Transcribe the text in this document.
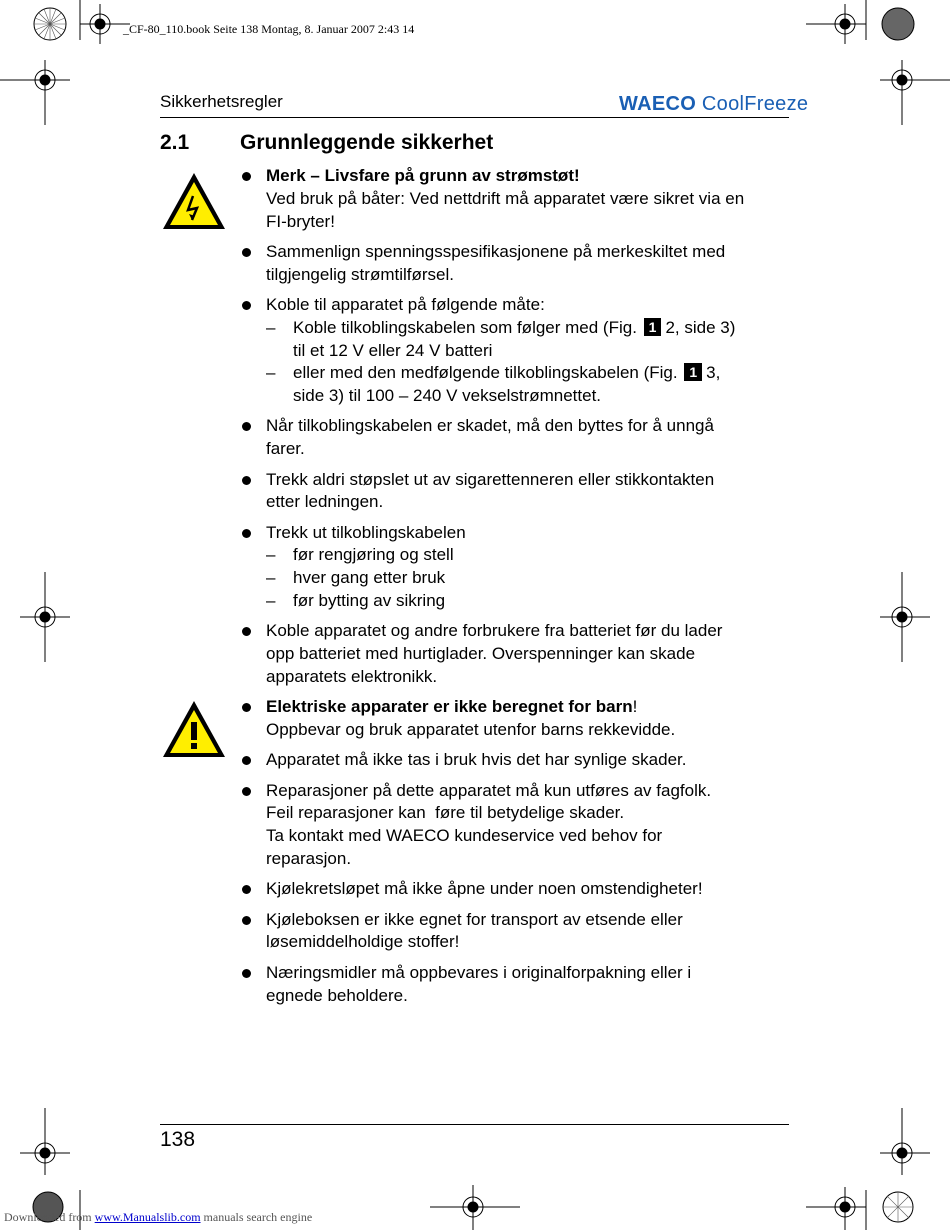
_CF-80_110.book Seite 138 Montag, 8. Januar 2007 2:43 14
Sikkerhetsregler	WAECO CoolFreeze
2.1 Grunnleggende sikkerhet
Merk – Livsfare på grunn av strømstøt!
Ved bruk på båter: Ved nettdrift må apparatet være sikret via en
FI-bryter!
Sammenlign spenningsspesifikasjonene på merkeskiltet med
tilgjengelig strømtilførsel.
Koble til apparatet på følgende måte:
–	Koble tilkoblingskabelen som følger med (Fig. 1 2, side 3)
til et 12 V eller 24 V batteri
–	eller med den medfølgende tilkoblingskabelen (Fig. 1 3,
side 3) til 100 – 240 V vekselstrømnettet.
Når tilkoblingskabelen er skadet, må den byttes for å unngå
farer.
Trekk aldri støpslet ut av sigarettenneren eller stikkontakten
etter ledningen.
Trekk ut tilkoblingskabelen
–	før rengjøring og stell
–	hver gang etter bruk
–	før bytting av sikring
Koble apparatet og andre forbrukere fra batteriet før du lader
opp batteriet med hurtiglader. Overspenninger kan skade
apparatets elektronikk.
Elektriske apparater er ikke beregnet for barn!
Oppbevar og bruk apparatet utenfor barns rekkevidde.
Apparatet må ikke tas i bruk hvis det har synlige skader.
Reparasjoner på dette apparatet må kun utføres av fagfolk.
Feil reparasjoner kan  føre til betydelige skader.
Ta kontakt med WAECO kundeservice ved behov for
reparasjon.
Kjølekretsløpet må ikke åpne under noen omstendigheter!
Kjøleboksen er ikke egnet for transport av etsende eller
løsemiddelholdige stoffer!
Næringsmidler må oppbevares i originalforpakning eller i
egnede beholdere.
138
Downloaded from www.Manualslib.com manuals search engine
